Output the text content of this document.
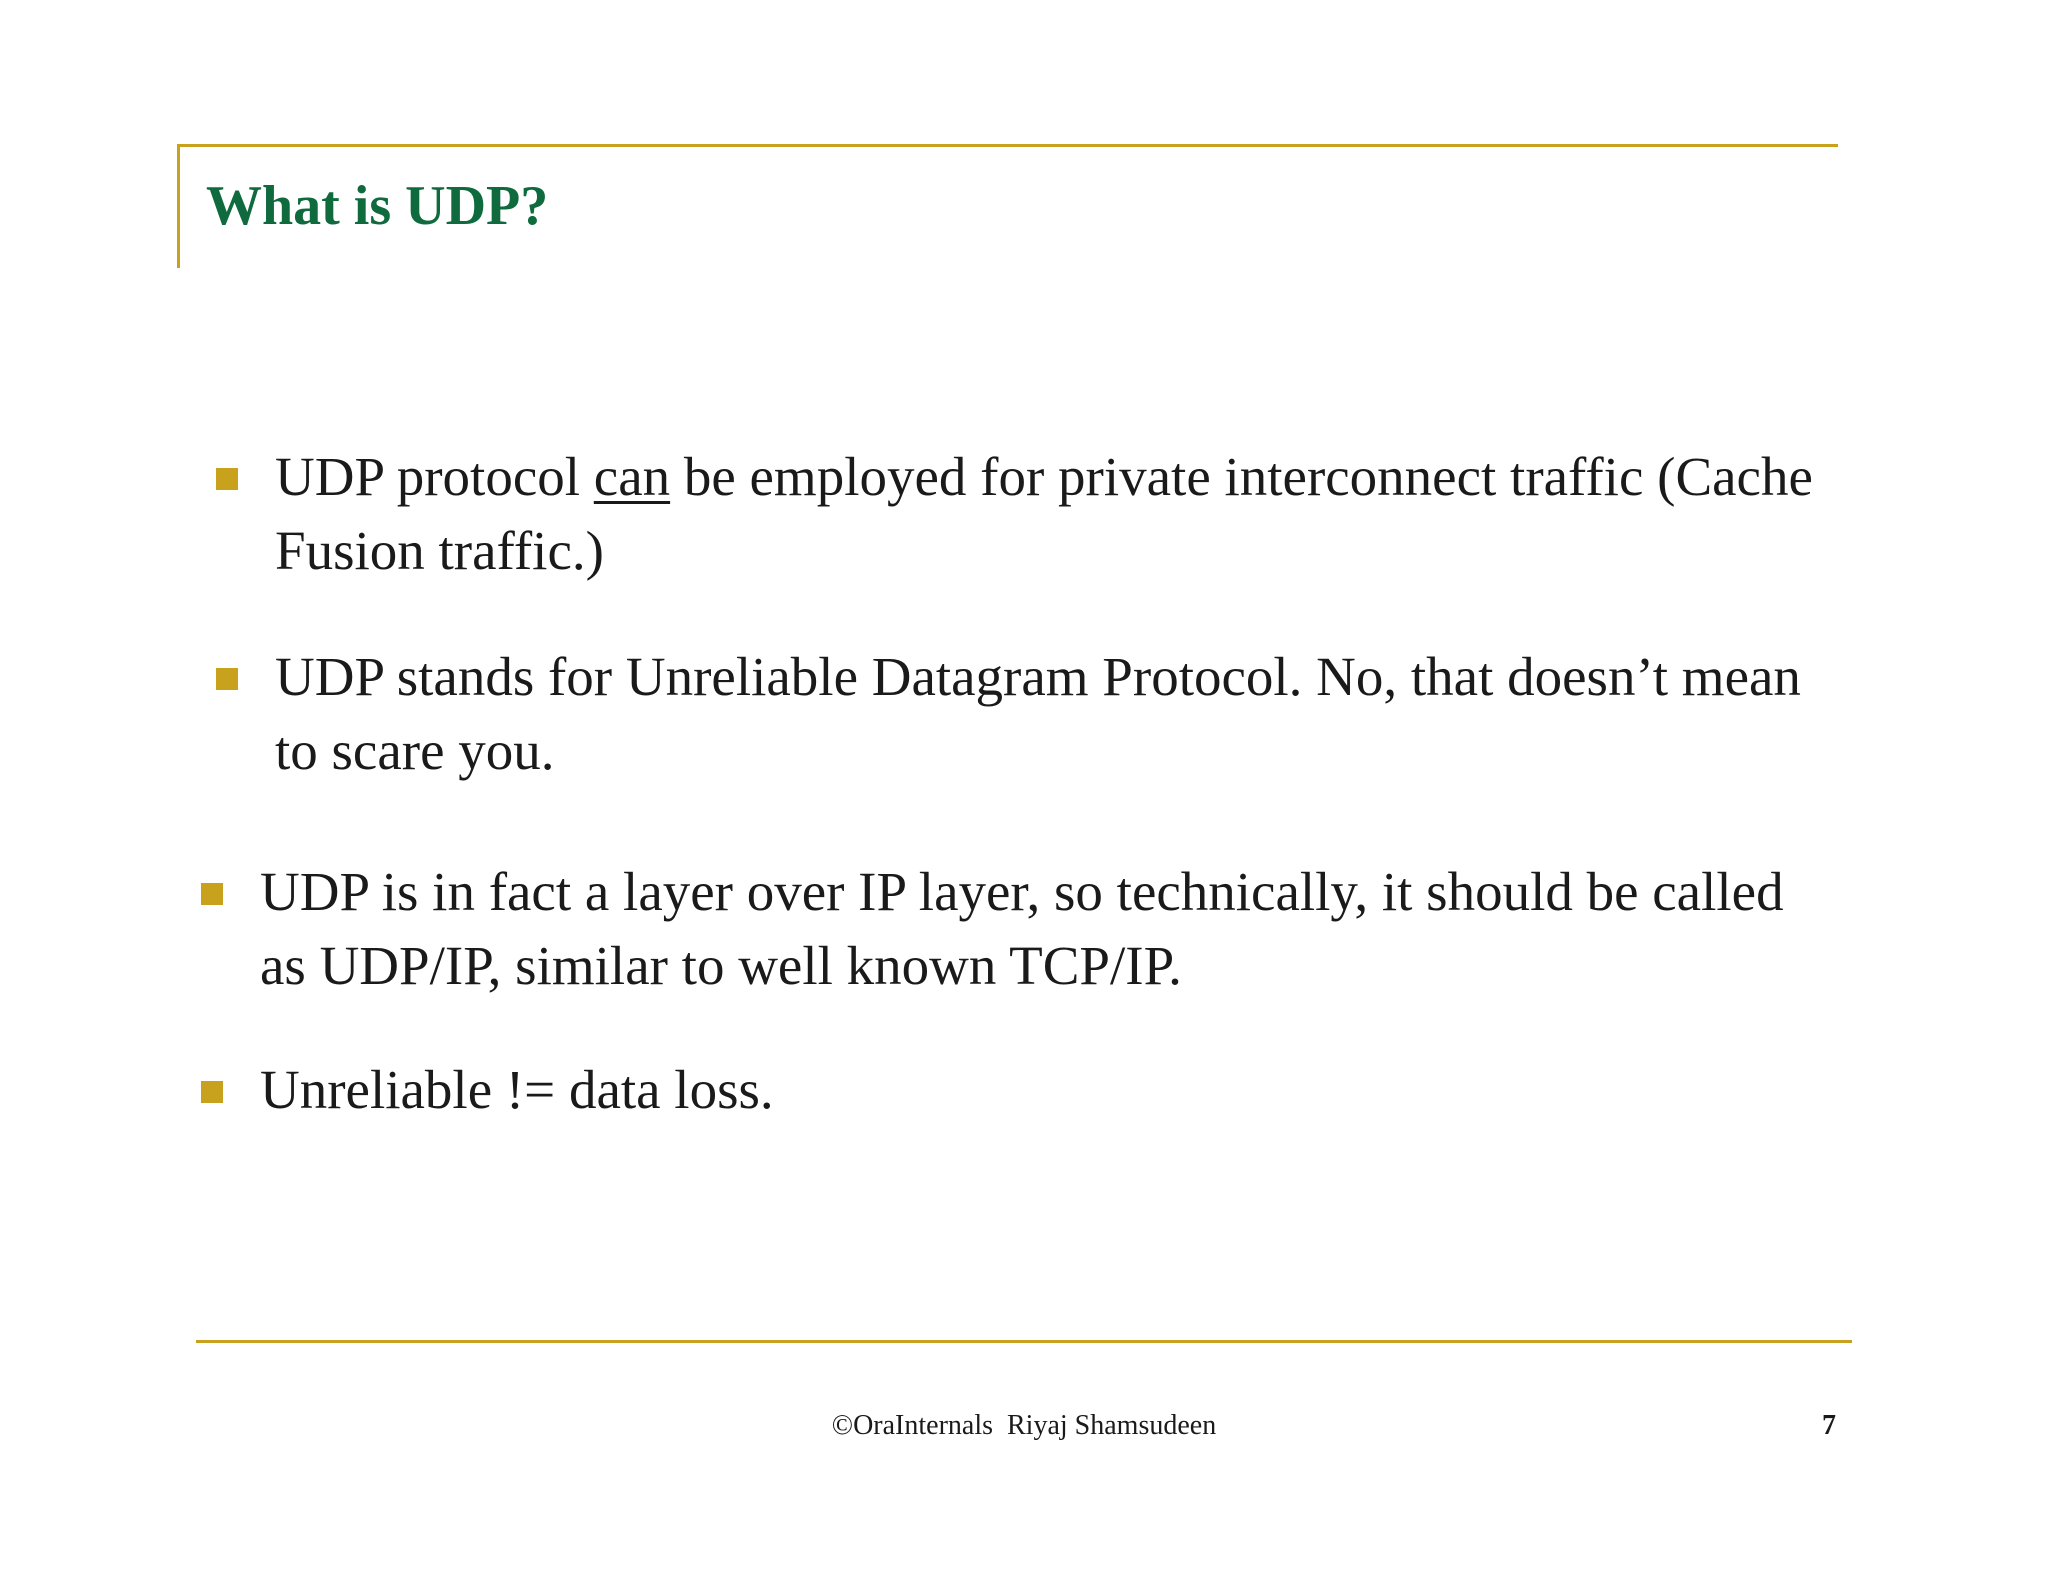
What is UDP?
UDP protocol can be employed for private interconnect traffic (Cache Fusion traffic.)
UDP stands for Unreliable Datagram Protocol. No, that doesn’t mean to scare you.
UDP is in fact a layer over IP layer, so technically, it should be called as UDP/IP, similar to well known TCP/IP.
Unreliable != data loss.
©OraInternals  Riyaj Shamsudeen	7
